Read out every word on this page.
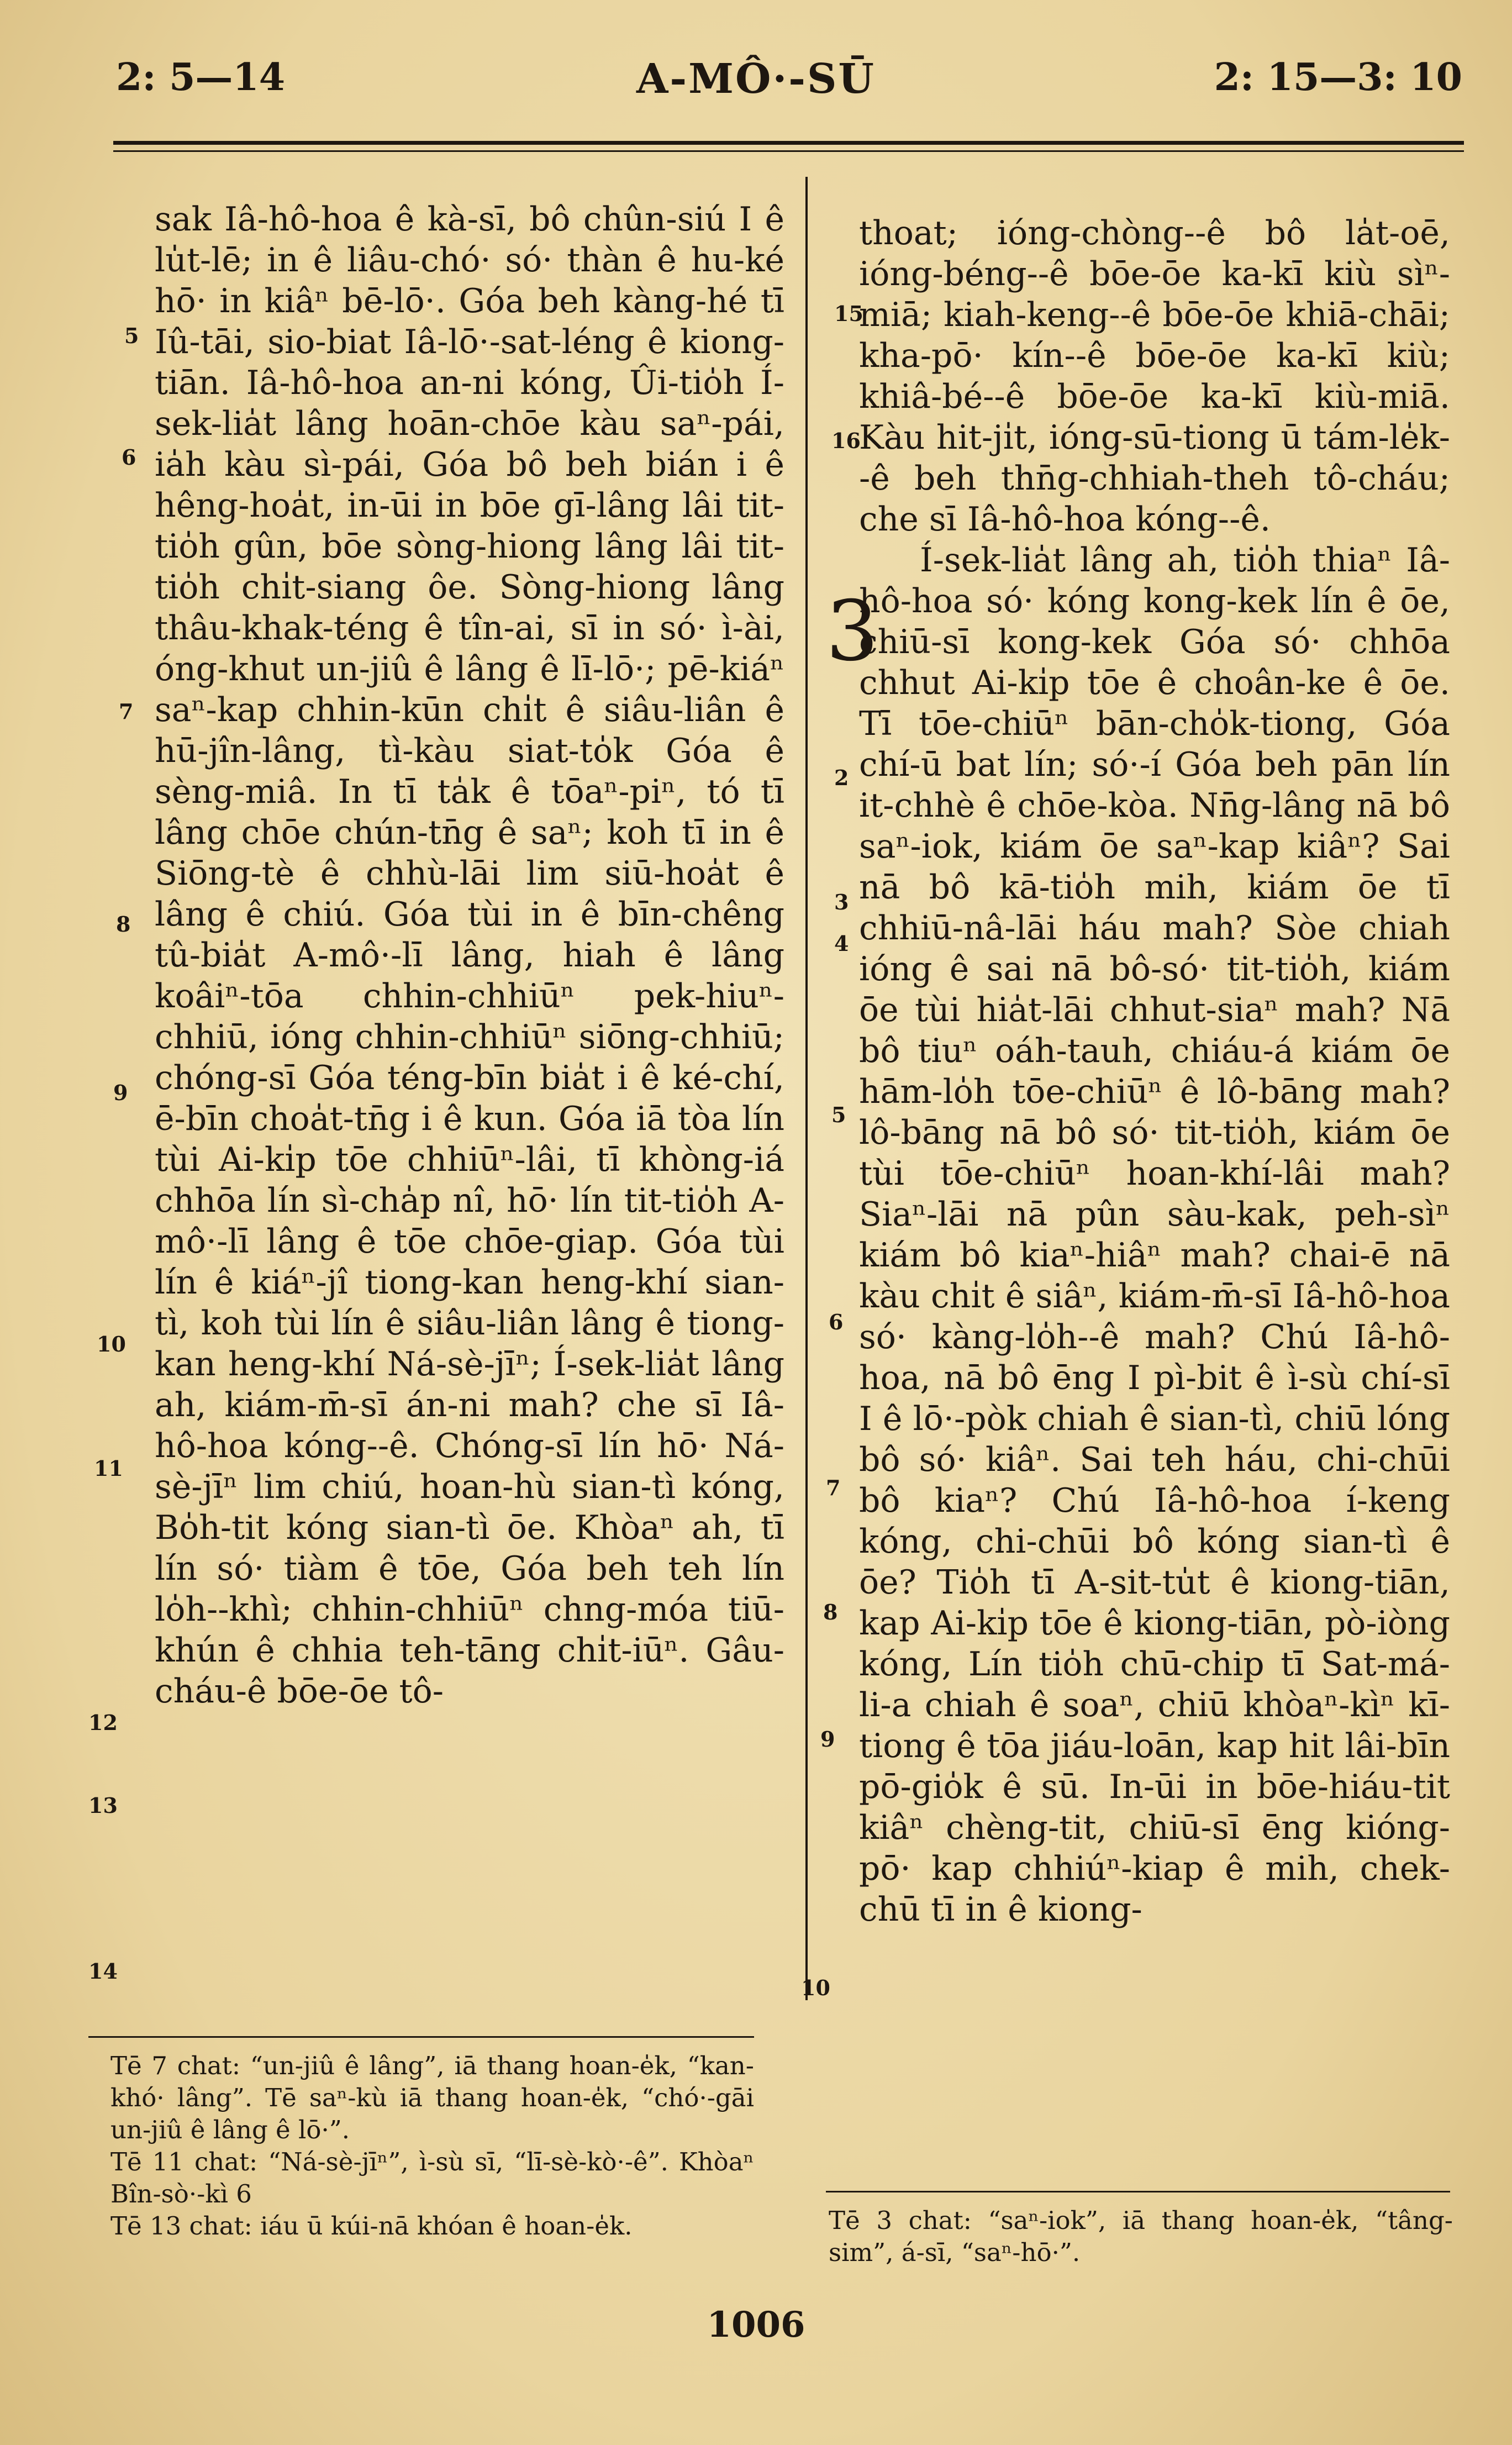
2: 5—14	A-MÔ·-SŪ	2: 15—3: 10
5
6
7
8
9
10
11
12
13
14

sak Iâ-hô-hoa ê kà-sī, bô chûn-siú I ê lu̍t-lē; in ê liâu-chó· só· thàn ê hu-ké hō· in kiâⁿ bē-lō·. Góa beh kàng-hé tī Iû-tāi, sio-biat Iâ-lō·-sat-léng ê kiong-tiān. Iâ-hô-hoa an-ni kóng, Ûi-tio̍h Í-sek-lia̍t lâng hoān-chōe kàu saⁿ-pái, ia̍h kàu sì-pái, Góa bô beh bián i ê hêng-hoa̍t, in-ūi in bōe gī-lâng lâi tit-tio̍h gûn, bōe sòng-hiong lâng lâi tit-tio̍h chi̍t-siang ôe. Sòng-hiong lâng thâu-khak-téng ê tîn-ai, sī in só· ì-ài, óng-khut un-jiû ê lâng ê lī-lō·; pē-kiáⁿ saⁿ-kap chhin-kūn chi̍t ê siâu-liân ê hū-jîn-lâng, tì-kàu siat-to̍k Góa ê sèng-miâ. In tī ta̍k ê tōaⁿ-piⁿ, tó tī lâng chōe chún-tn̄g ê saⁿ; koh tī in ê Siōng-tè ê chhù-lāi lim siū-hoa̍t ê lâng ê chiú. Góa tùi in ê bīn-chêng tû-bia̍t A-mô·-lī lâng, hiah ê lâng koâiⁿ-tōa chhin-chhiūⁿ pek-hiuⁿ-chhiū, ióng chhin-chhiūⁿ siōng-chhiū; chóng-sī Góa téng-bīn bia̍t i ê ké-chí, ē-bīn choa̍t-tn̄g i ê kun. Góa iā tòa lín tùi Ai-ki̍p tōe chhiūⁿ-lâi, tī khòng-iá chhōa lín sì-cha̍p nî, hō· lín tit-tio̍h A-mô·-lī lâng ê tōe chōe-giap. Góa tùi lín ê kiáⁿ-jî tiong-kan heng-khí sian-tì, koh tùi lín ê siâu-liân lâng ê tiong-kan heng-khí Ná-sè-jīⁿ; Í-sek-lia̍t lâng ah, kiám-m̄-sī án-ni mah? che sī Iâ-hô-hoa kóng--ê. Chóng-sī lín hō· Ná-sè-jīⁿ lim chiú, hoan-hù sian-tì kóng, Bo̍h-tit kóng sian-tì ōe. Khòaⁿ ah, tī lín só· tiàm ê tōe, Góa beh teh lín lo̍h--khì; chhin-chhiūⁿ chng-móa tiū-khún ê chhia teh-tāng chi̍t-iūⁿ. Gâu-cháu-ê bōe-ōe tô-

15
16
2
3
4
5
6
7
8
9
10

thoat; ióng-chòng--ê bô la̍t-oē, ióng-béng--ê bōe-ōe ka-kī kiù sìⁿ-miā; kiah-keng--ê bōe-ōe khiā-chāi; kha-pō· kín--ê bōe-ōe ka-kī kiù; khiâ-bé--ê bōe-ōe ka-kī kiù-miā. Kàu hit-ji̍t, ióng-sū-tiong ū tám-le̍k--ê beh thn̄g-chhiah-theh tô-cháu; che sī Iâ-hô-hoa kóng--ê.

Í-sek-lia̍t lâng ah, tio̍h thiaⁿ Iâ-hô-hoa só· kóng kong-kek lín ê ōe, chiū-sī kong-kek Góa só· chhōa chhut Ai-ki̍p tōe ê choân-ke ê ōe. Tī tōe-chiūⁿ bān-cho̍k-tiong, Góa chí-ū bat lín; só·-í Góa beh pān lín it-chhè ê chōe-kòa. Nn̄g-lâng nā bô saⁿ-iok, kiám ōe saⁿ-kap kiâⁿ? Sai nā bô kā-tio̍h mih, kiám ōe tī chhiū-nâ-lāi háu mah? Sòe chiah ióng ê sai nā bô-só· tit-tio̍h, kiám ōe tùi hia̍t-lāi chhut-siaⁿ mah? Nā bô tiuⁿ oáh-tauh, chiáu-á kiám ōe hām-lo̍h tōe-chiūⁿ ê lô-bāng mah? lô-bāng nā bô só· tit-tio̍h, kiám ōe tùi tōe-chiūⁿ hoan-khí-lâi mah? Siaⁿ-lāi nā pûn sàu-kak, peh-sìⁿ kiám bô kiaⁿ-hiâⁿ mah? chai-ē nā kàu chi̍t ê siâⁿ, kiám-m̄-sī Iâ-hô-hoa só· kàng-lo̍h--ê mah? Chú Iâ-hô-hoa, nā bô ēng I pì-bit ê ì-sù chí-sī I ê lō·-pòk chiah ê sian-tì, chiū lóng bô só· kiâⁿ. Sai teh háu, chi-chūi bô kiaⁿ? Chú Iâ-hô-hoa í-keng kóng, chi-chūi bô kóng sian-tì ê ōe? Tio̍h tī A-sit-tu̍t ê kiong-tiān, kap Ai-ki̍p tōe ê kiong-tiān, pò-iòng kóng, Lín tio̍h chū-chip tī Sat-má-li-a chiah ê soaⁿ, chiū khòaⁿ-kìⁿ kī-tiong ê tōa jiáu-loān, kap hit lâi-bīn pō-gio̍k ê sū. In-ūi in bōe-hiáu-tit kiâⁿ chèng-tit, chiū-sī ēng kióng-pō· kap chhiúⁿ-kiap ê mih, chek-chū tī in ê kiong-

3

Tē 7 chat: “un-jiû ê lâng”, iā thang hoan-e̍k, “kan-khó· lâng”. Tē saⁿ-kù iā thang hoan-e̍k, “chó·-gāi un-jiû ê lâng ê lō·”.

Tē 11 chat: “Ná-sè-jīⁿ”, ì-sù sī, “lī-sè-kò·-ê”. Khòaⁿ Bîn-sò·-kì 6

Tē 13 chat: iáu ū kúi-nā khóan ê hoan-e̍k.	Tē 3 chat: “saⁿ-iok”, iā thang hoan-e̍k, “tâng-sim”, á-sī, “saⁿ-hō·”.

1006
